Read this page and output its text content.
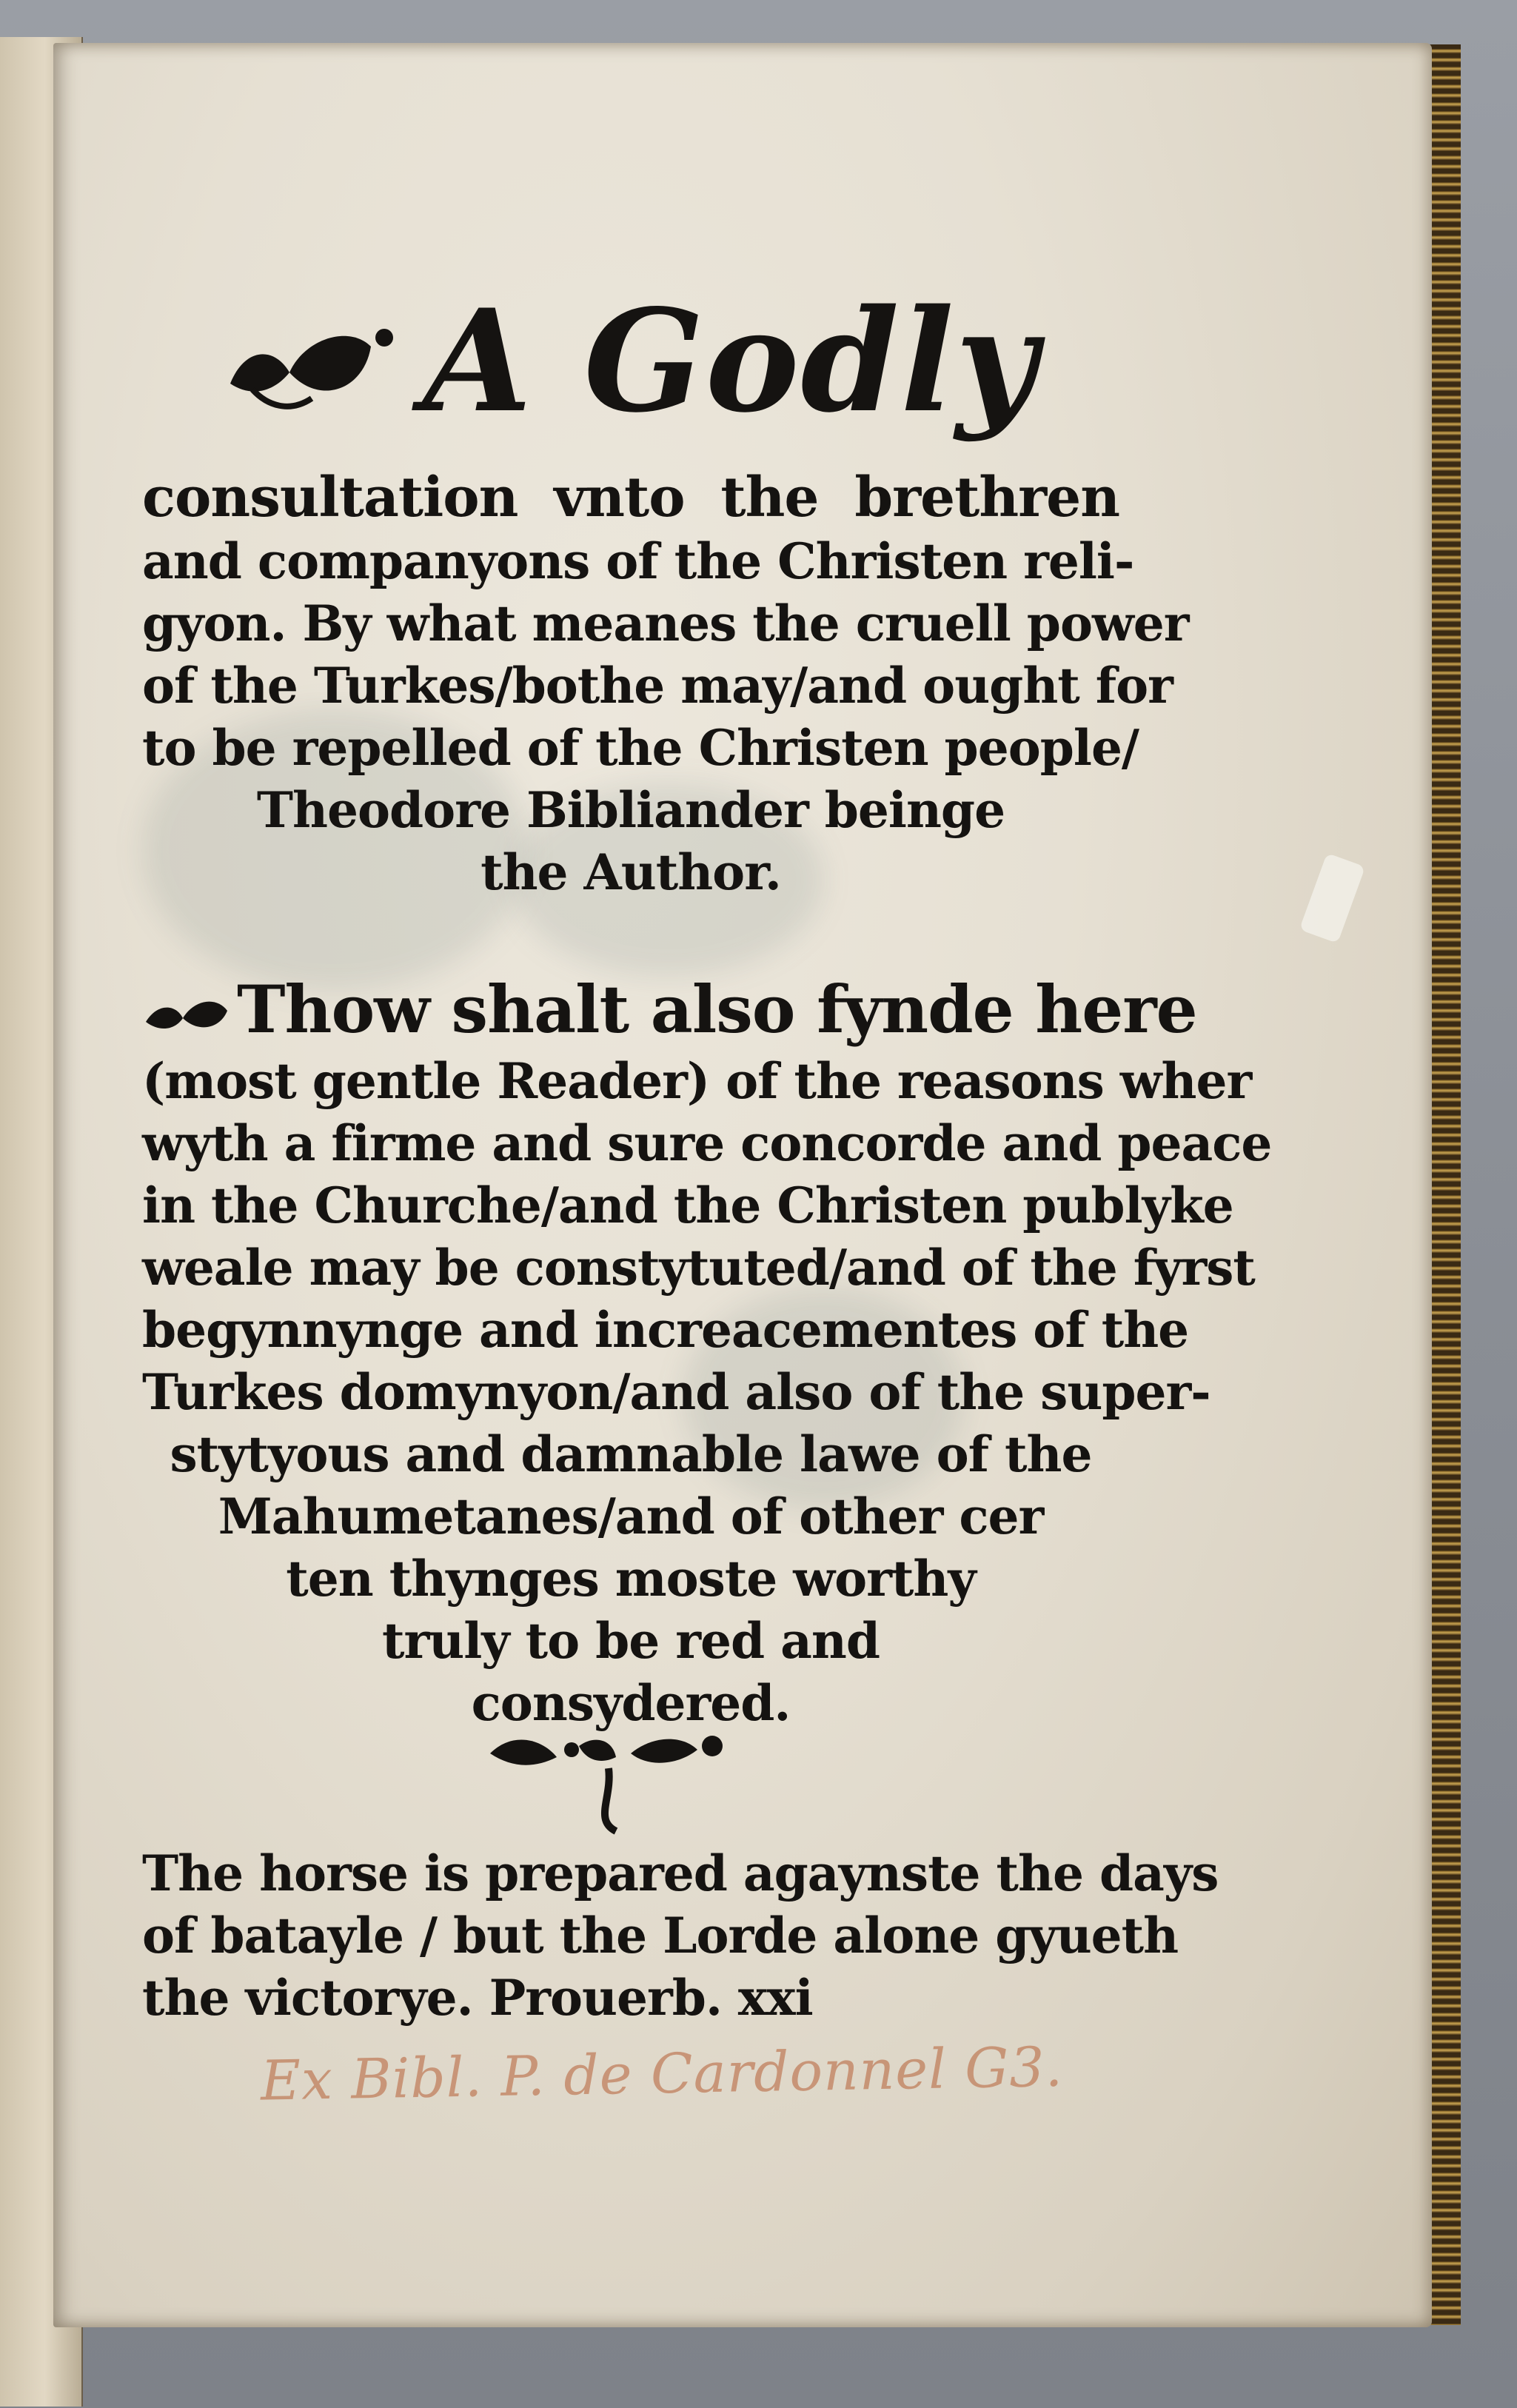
A Godly
consultation vnto the brethren
and companyons of the Christen reli-
gyon. By what meanes the cruell power
of the Turkes/bothe may/and ought for
to be repelled of the Christen people/
Theodore Bibliander beinge
the Author.
Thow shalt also fynde here
(most gentle Reader) of the reasons wher
wyth a firme and sure concorde and peace
in the Churche/and the Christen publyke
weale may be constytuted/and of the fyrst
begynnynge and increacementes of the
Turkes domynyon/and also of the super-
stytyous and damnable lawe of the
Mahumetanes/and of other cer
ten thynges moste worthy
truly to be red and
consydered.
The horse is prepared agaynste the days
of batayle / but the Lorde alone gyueth
the victorye. Prouerb. xxi
Ex Bibl. P. de Cardonnel G3.
